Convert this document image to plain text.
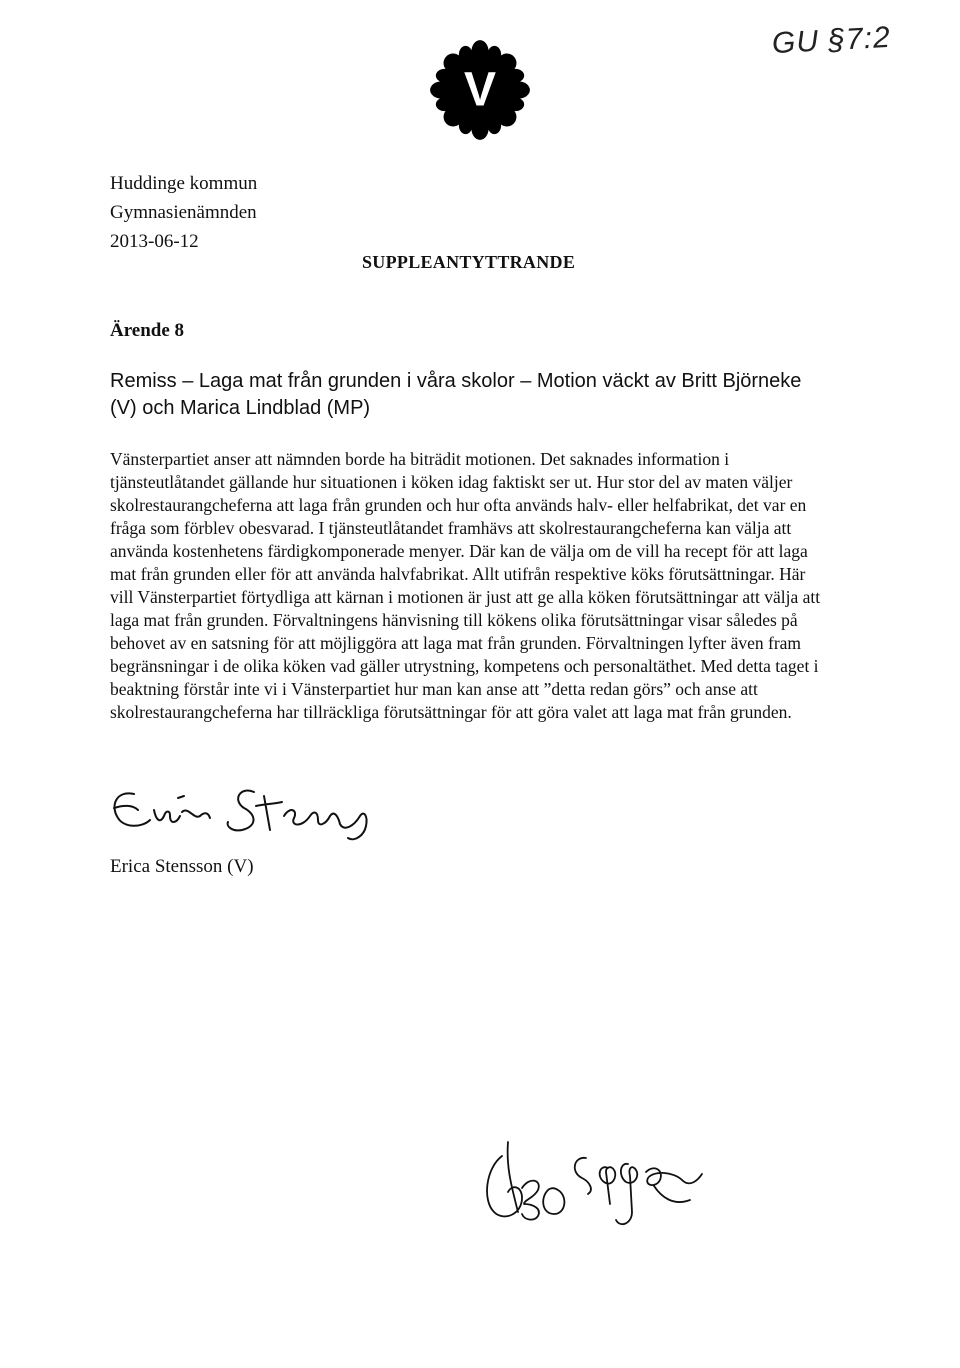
GU §7:2
V
Huddinge kommun
Gymnasienämnden
2013-06-12
SUPPLEANTYTTRANDE
Ärende 8
Remiss – Laga mat från grunden i våra skolor – Motion väckt av Britt Björneke (V) och Marica Lindblad (MP)
Vänsterpartiet anser att nämnden borde ha biträdit motionen. Det saknades information i tjänsteutlåtandet gällande hur situationen i köken idag faktiskt ser ut. Hur stor del av maten väljer skolrestaurangcheferna att laga från grunden och hur ofta används halv- eller helfabrikat, det var en fråga som förblev obesvarad. I tjänsteutlåtandet framhävs att skolrestaurangcheferna kan välja att använda kostenhetens färdigkomponerade menyer. Där kan de välja om de vill ha recept för att laga mat från grunden eller för att använda halvfabrikat. Allt utifrån respektive köks förutsättningar. Här vill Vänsterpartiet förtydliga att kärnan i motionen är just att ge alla köken förutsättningar att välja att laga mat från grunden. Förvaltningens hänvisning till kökens olika förutsättningar visar således på behovet av en satsning för att möjliggöra att laga mat från grunden. Förvaltningen lyfter även fram begränsningar i de olika köken vad gäller utrystning, kompetens och personaltäthet. Med detta taget i beaktning förstår inte vi i Vänsterpartiet hur man kan anse att ”detta redan görs” och anse att skolrestaurangcheferna har tillräckliga förutsättningar för att göra valet att laga mat från grunden.
Erica Stensson (V)
